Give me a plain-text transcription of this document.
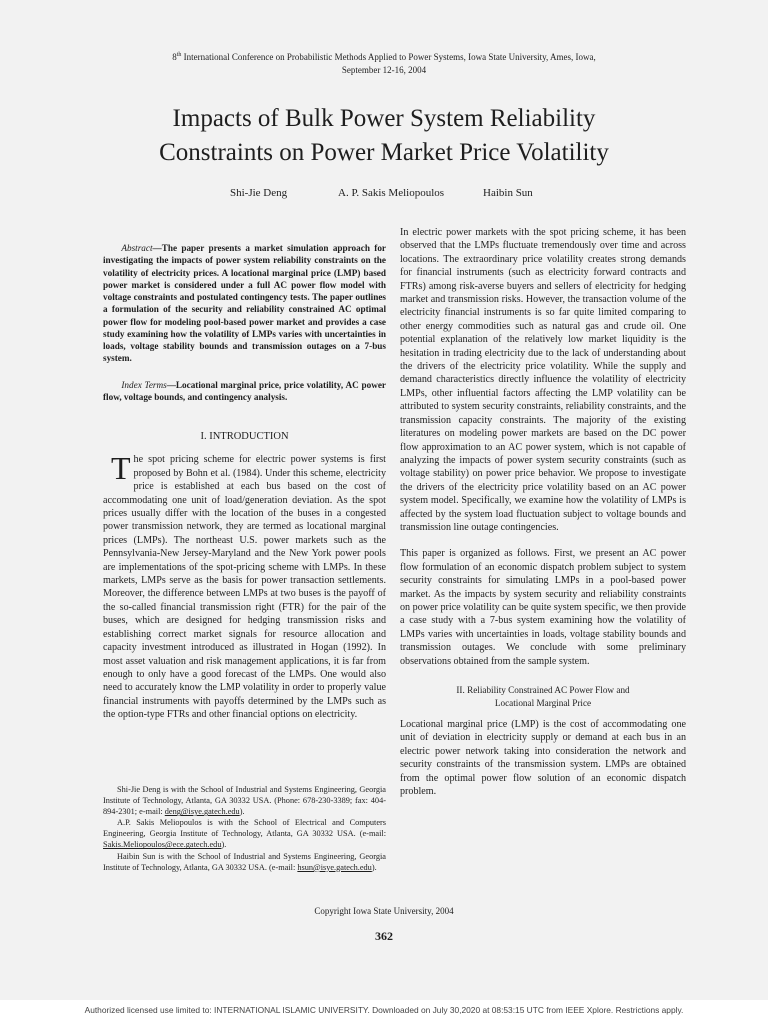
8th International Conference on Probabilistic Methods Applied to Power Systems, Iowa State University, Ames, Iowa,
September 12-16, 2004
Impacts of Bulk Power System Reliability
Constraints on Power Market Price Volatility
Shi-Jie Deng	A. P. Sakis Meliopoulos	Haibin Sun

  Abstract—The paper presents a market simulation approach for investigating the impacts of power system reliability constraints on the volatility of electricity prices. A locational marginal price (LMP) based power market is considered under a full AC power flow model with voltage constraints and postulated contingency tests. The paper outlines a formulation of the security and reliability constrained AC optimal power flow for modeling pool-based power market and provides a case study examining how the volatility of LMPs varies with uncertainties in loads, voltage stability bounds and transmission outages on a 7-bus system.

  Index Terms—Locational marginal price, price volatility, AC power flow, voltage bounds, and contingency analysis.

I. INTRODUCTION

The spot pricing scheme for electric power systems is first proposed by Bohn et al. (1984). Under this scheme, electricity price is established at each bus based on the cost of accommodating one unit of load/generation deviation. As the spot prices usually differ with the location of the buses in a congested power transmission network, they are termed as locational marginal prices (LMPs). The northeast U.S. power markets such as the Pennsylvania-New Jersey-Maryland and the New York power pools are implementations of the spot-pricing scheme with LMPs. In these markets, LMPs serve as the basis for power transaction settlements. Moreover, the difference between LMPs at two buses is the payoff of the so-called financial transmission right (FTR) for the pair of the buses, which are designed for hedging transmission risks and establishing correct market signals for resource allocation and capacity investment introduced as illustrated in Hogan (1992). In most asset valuation and risk management applications, it is far from enough to only have a good forecast of the LMPs. One would also need to accurately know the LMP volatility in order to properly value financial instruments with payoffs determined by the LMPs such as the option-type FTRs and other financial options on electricity.

Shi-Jie Deng is with the School of Industrial and Systems Engineering, Georgia Institute of Technology, Atlanta, GA 30332 USA. (Phone: 678-230-3389; fax: 404-894-2301; e-mail: deng@isye.gatech.edu).

A.P. Sakis Meliopoulos is with the School of Electrical and Computers Engineering, Georgia Institute of Technology, Atlanta, GA 30332 USA. (e-mail: Sakis.Meliopoulos@ece.gatech.edu).

Haibin Sun is with the School of Industrial and Systems Engineering, Georgia Institute of Technology, Atlanta, GA 30332 USA. (e-mail: hsun@isye.gatech.edu).

In electric power markets with the spot pricing scheme, it has been observed that the LMPs fluctuate tremendously over time and across locations. The extraordinary price volatility creates strong demands for financial instruments (such as electricity forward contracts and FTRs) among risk-averse buyers and sellers of electricity for hedging market and transmission risks. However, the transaction volume of the electricity financial instruments is so far quite limited comparing to other energy commodities such as natural gas and crude oil. One potential explanation of the relatively low market liquidity is the hesitation in trading electricity due to the lack of understanding about the drivers of the electricity price volatility. While the supply and demand characteristics directly influence the volatility of electricity LMPs, other influential factors affecting the LMP volatility can be attributed to system security constraints, reliability constraints, and the transmission capacity constraints. The majority of the existing literatures on modeling power markets are based on the DC power flow approximation to an AC power system, which is not capable of analyzing the impacts of power system security constraints (such as voltage stability) on power price behavior. We propose to investigate the drivers of the electricity price volatility based on an AC power system model. Specifically, we examine how the volatility of LMPs is affected by the system load fluctuation subject to voltage bounds and transmission line outage contingencies.

This paper is organized as follows. First, we present an AC power flow formulation of an economic dispatch problem subject to system security constraints for simulating LMPs in a pool-based power market. As the impacts by system security and reliability constraints on power price volatility can be quite system specific, we then provide a case study with a 7-bus system examining how the volatility of LMPs varies with uncertainties in loads, voltage stability bounds and transmission outages. We conclude with some preliminary observations obtained from the sample system.

II. Reliability Constrained AC Power Flow and
Locational Marginal Price

Locational marginal price (LMP) is the cost of accommodating one unit of deviation in electricity supply or demand at each bus in an electric power network taking into consideration the network and security constraints of the transmission system. LMPs are obtained from the optimal power flow solution of an economic dispatch problem.

Copyright Iowa State University, 2004
362
Authorized licensed use limited to: INTERNATIONAL ISLAMIC UNIVERSITY. Downloaded on July 30,2020 at 08:53:15 UTC from IEEE Xplore. Restrictions apply.
